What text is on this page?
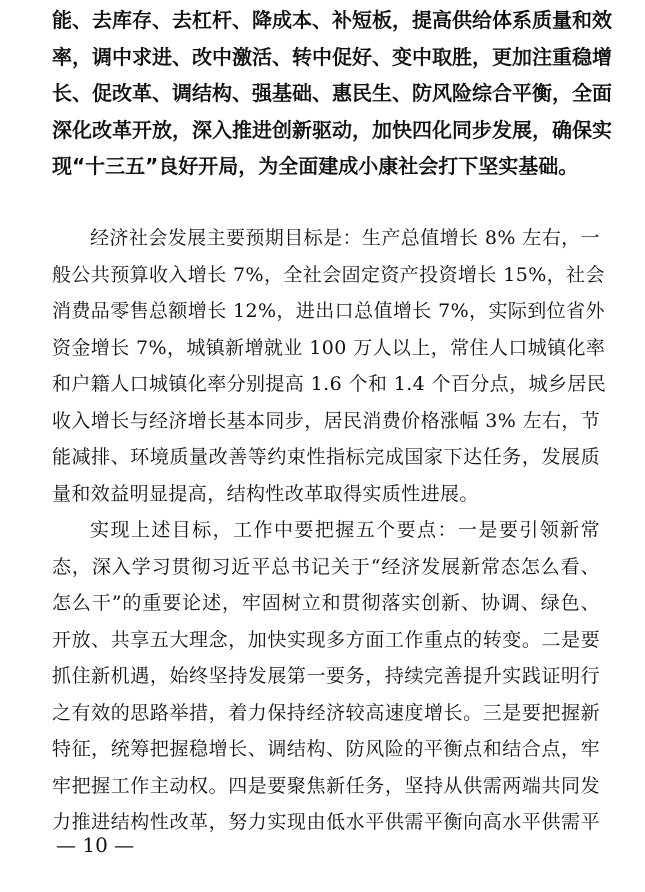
能、去库存、去杠杆、降成本、补短板，提高供给体系质量和效
率，调中求进、改中激活、转中促好、变中取胜，更加注重稳增
长、促改革、调结构、强基础、惠民生、防风险综合平衡，全面
深化改革开放，深入推进创新驱动，加快四化同步发展，确保实
现“十三五”良好开局，为全面建成小康社会打下坚实基础。
经济社会发展主要预期目标是：生产总值增长 8% 左右，一
般公共预算收入增长 7%，全社会固定资产投资增长 15%，社会
消费品零售总额增长 12%，进出口总值增长 7%，实际到位省外
资金增长 7%，城镇新增就业 100 万人以上，常住人口城镇化率
和户籍人口城镇化率分别提高 1.6 个和 1.4 个百分点，城乡居民
收入增长与经济增长基本同步，居民消费价格涨幅 3% 左右，节
能减排、环境质量改善等约束性指标完成国家下达任务，发展质
量和效益明显提高，结构性改革取得实质性进展。
实现上述目标，工作中要把握五个要点：一是要引领新常
态，深入学习贯彻习近平总书记关于“经济发展新常态怎么看、
怎么干”的重要论述，牢固树立和贯彻落实创新、协调、绿色、
开放、共享五大理念，加快实现多方面工作重点的转变。二是要
抓住新机遇，始终坚持发展第一要务，持续完善提升实践证明行
之有效的思路举措，着力保持经济较高速度增长。三是要把握新
特征，统筹把握稳增长、调结构、防风险的平衡点和结合点，牢
牢把握工作主动权。四是要聚焦新任务，坚持从供需两端共同发
力推进结构性改革，努力实现由低水平供需平衡向高水平供需平
— 10 —
